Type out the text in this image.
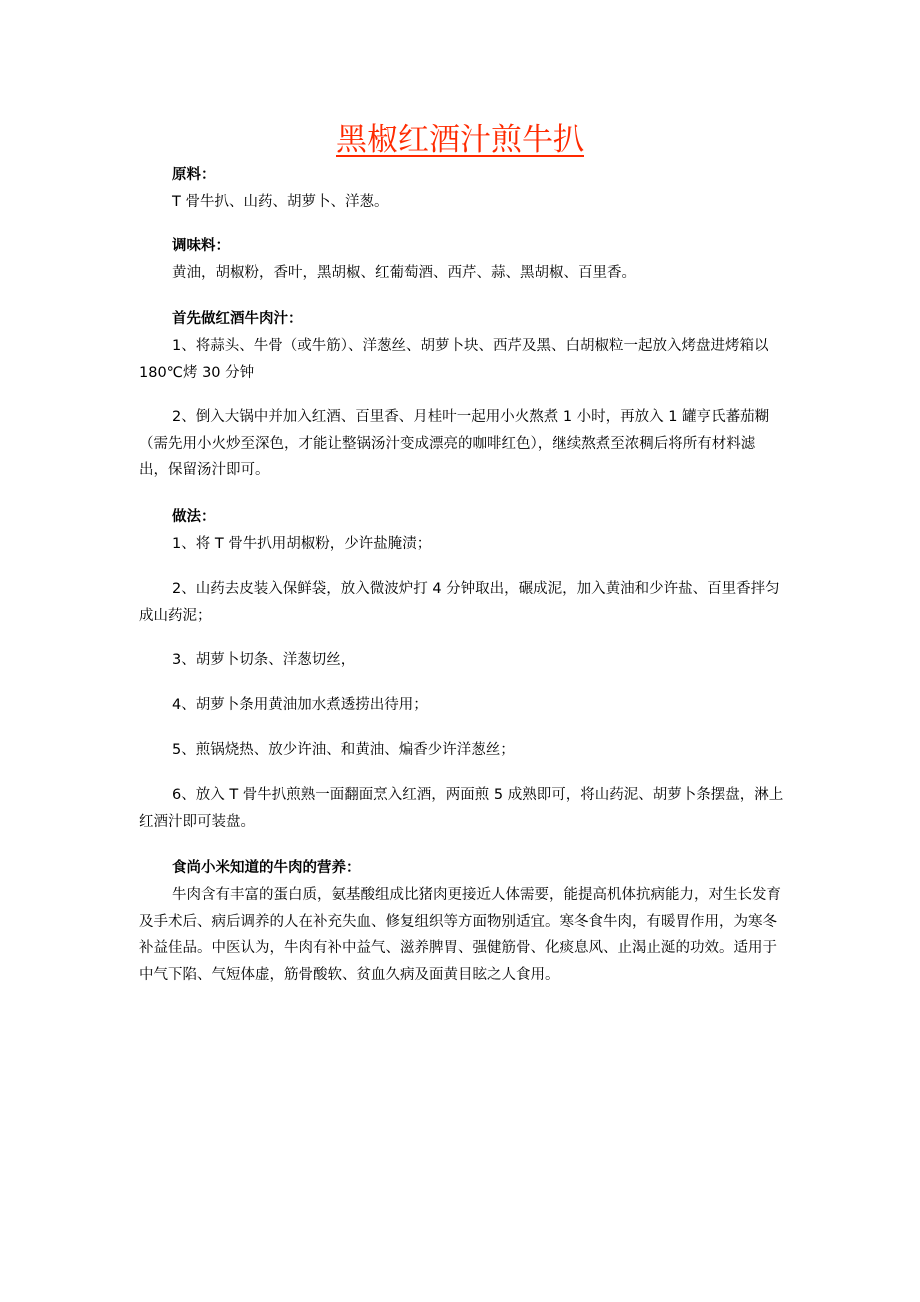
黑椒红酒汁煎牛扒

原料：

T 骨牛扒、山药、胡萝卜、洋葱。

调味料：

黄油，胡椒粉，香叶，黑胡椒、红葡萄酒、西芹、蒜、黑胡椒、百里香。

首先做红酒牛肉汁：

1、将蒜头、牛骨（或牛筋）、洋葱丝、胡萝卜块、西芹及黑、白胡椒粒一起放入烤盘进烤箱以 180℃烤 30 分钟

2、倒入大锅中并加入红酒、百里香、月桂叶一起用小火熬煮 1 小时，再放入 1 罐亨氏蕃茄糊（需先用小火炒至深色，才能让整锅汤汁变成漂亮的咖啡红色），继续熬煮至浓稠后将所有材料滤出，保留汤汁即可。

做法：

1、将 T 骨牛扒用胡椒粉，少许盐腌渍；

2、山药去皮装入保鲜袋，放入微波炉打 4 分钟取出，碾成泥，加入黄油和少许盐、百里香拌匀成山药泥；

3、胡萝卜切条、洋葱切丝，

4、胡萝卜条用黄油加水煮透捞出待用；

5、煎锅烧热、放少许油、和黄油、煸香少许洋葱丝；

6、放入 T 骨牛扒煎熟一面翻面烹入红酒，两面煎 5 成熟即可，将山药泥、胡萝卜条摆盘，淋上红酒汁即可装盘。

食尚小米知道的牛肉的营养：

牛肉含有丰富的蛋白质，氨基酸组成比猪肉更接近人体需要，能提高机体抗病能力，对生长发育及手术后、病后调养的人在补充失血、修复组织等方面物别适宜。寒冬食牛肉，有暖胃作用，为寒冬补益佳品。中医认为，牛肉有补中益气、滋养脾胃、强健筋骨、化痰息风、止渴止涎的功效。适用于中气下陷、气短体虚，筋骨酸软、贫血久病及面黄目眩之人食用。
